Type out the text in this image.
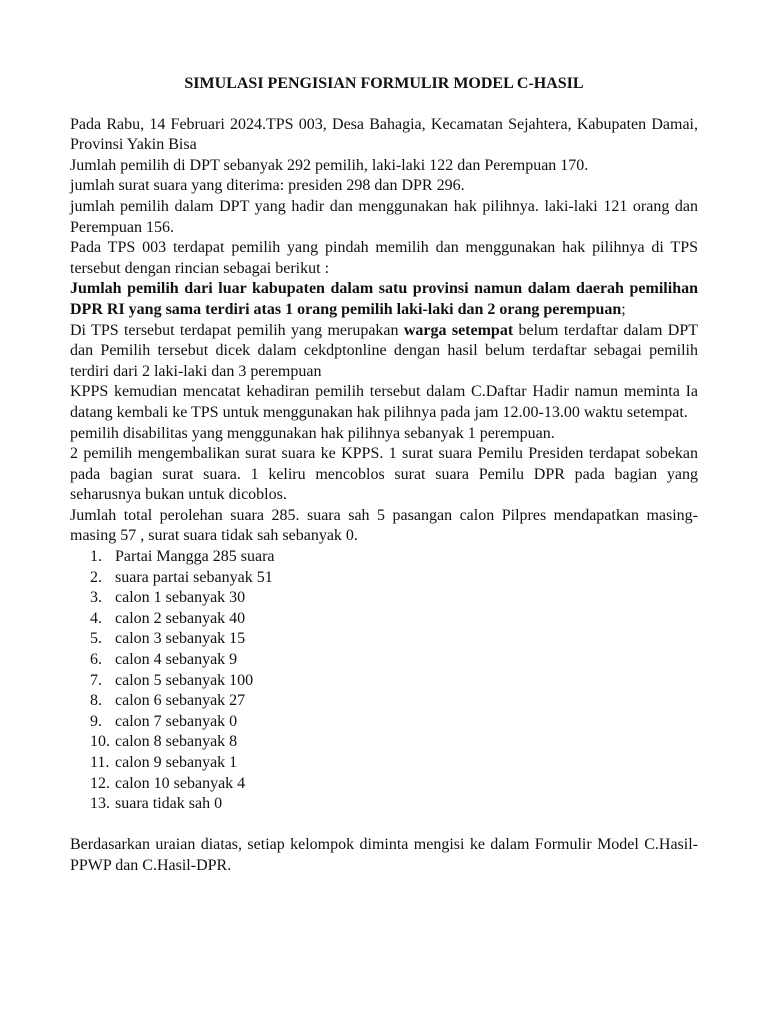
SIMULASI PENGISIAN FORMULIR MODEL C-HASIL

Pada Rabu, 14 Februari 2024.TPS 003, Desa Bahagia, Kecamatan Sejahtera, Kabupaten Damai, Provinsi Yakin Bisa

Jumlah pemilih di DPT sebanyak 292 pemilih, laki-laki 122 dan Perempuan 170.

jumlah surat suara yang diterima: presiden 298 dan DPR 296.

jumlah pemilih dalam DPT yang hadir dan menggunakan hak pilihnya. laki-laki 121 orang dan Perempuan 156.

Pada TPS 003 terdapat pemilih yang pindah memilih dan menggunakan hak pilihnya di TPS tersebut dengan rincian sebagai berikut :

Jumlah pemilih dari luar kabupaten dalam satu provinsi namun dalam daerah pemilihan DPR RI yang sama terdiri atas 1 orang pemilih laki-laki dan 2 orang perempuan;

Di TPS tersebut terdapat pemilih yang merupakan warga setempat belum terdaftar dalam DPT dan Pemilih tersebut dicek dalam cekdptonline dengan hasil belum terdaftar sebagai pemilih terdiri dari 2 laki-laki dan 3 perempuan

KPPS kemudian mencatat kehadiran pemilih tersebut dalam C.Daftar Hadir namun meminta Ia datang kembali ke TPS untuk menggunakan hak pilihnya pada jam 12.00-13.00 waktu setempat.

pemilih disabilitas yang menggunakan hak pilihnya sebanyak 1 perempuan.

2 pemilih mengembalikan surat suara ke KPPS. 1 surat suara Pemilu Presiden terdapat sobekan pada bagian surat suara. 1 keliru mencoblos surat suara Pemilu DPR pada bagian yang seharusnya bukan untuk dicoblos.

Jumlah total perolehan suara 285. suara sah 5 pasangan calon Pilpres mendapatkan masing-masing 57 , surat suara tidak sah sebanyak 0.

1. Partai Mangga 285 suara
2. suara partai sebanyak 51
3. calon 1 sebanyak 30
4. calon 2 sebanyak 40
5. calon 3 sebanyak 15
6. calon 4 sebanyak 9
7. calon 5 sebanyak 100
8. calon 6 sebanyak 27
9. calon 7 sebanyak 0
10. calon 8 sebanyak 8
11. calon 9 sebanyak 1
12. calon 10 sebanyak 4
13. suara tidak sah 0

Berdasarkan uraian diatas, setiap kelompok diminta mengisi ke dalam Formulir Model C.Hasil-PPWP dan C.Hasil-DPR.
